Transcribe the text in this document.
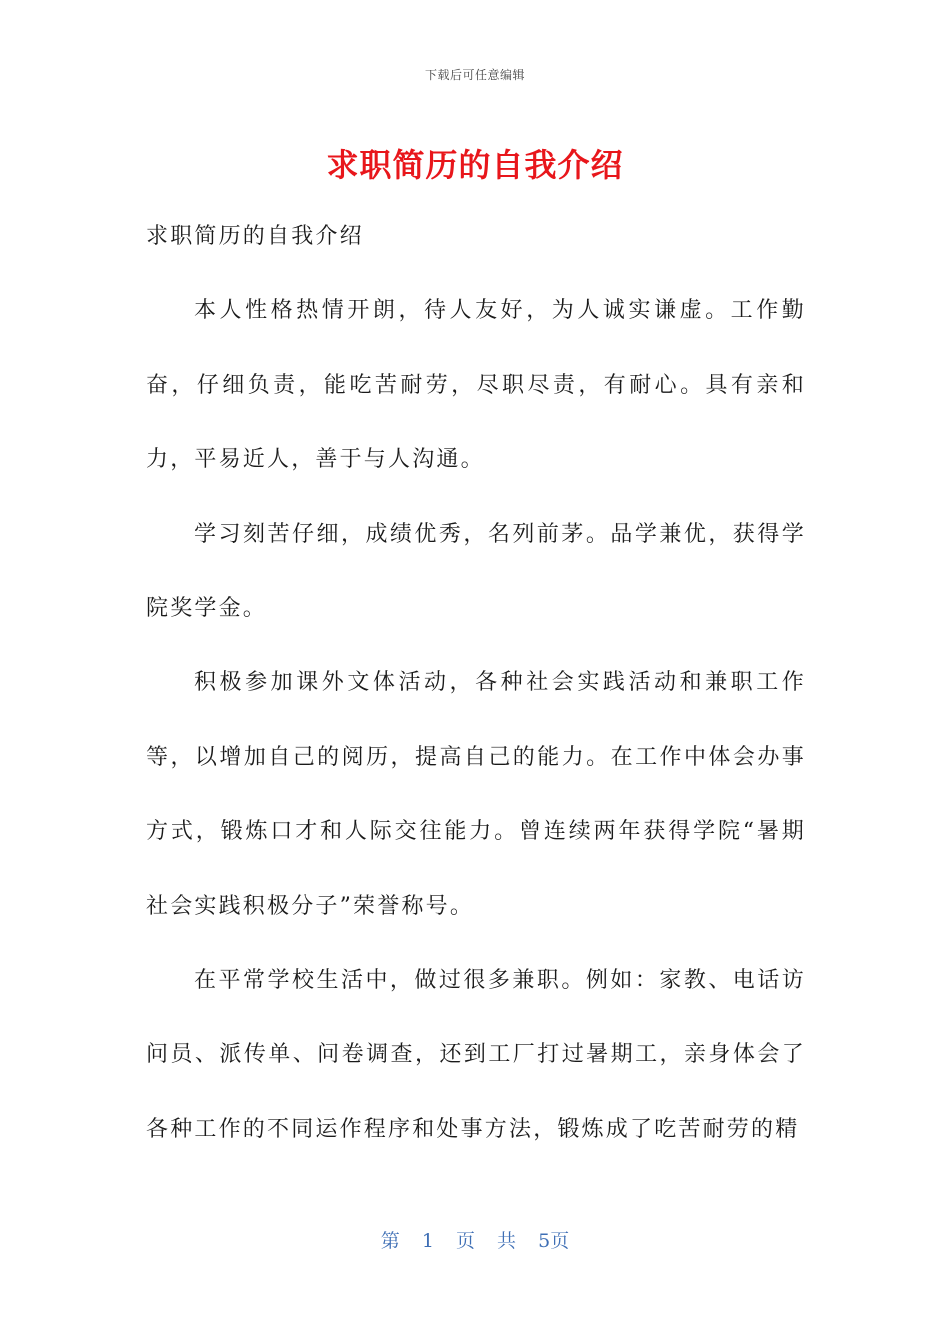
下载后可任意编辑
求职简历的自我介绍

求职简历的自我介绍

本人性格热情开朗，待人友好，为人诚实谦虚。工作勤奋，仔细负责，能吃苦耐劳，尽职尽责，有耐心。具有亲和力，平易近人，善于与人沟通。

学习刻苦仔细，成绩优秀，名列前茅。品学兼优，获得学院奖学金。

积极参加课外文体活动，各种社会实践活动和兼职工作等，以增加自己的阅历，提高自己的能力。在工作中体会办事方式，锻炼口才和人际交往能力。曾连续两年获得学院“暑期社会实践积极分子”荣誉称号。

在平常学校生活中，做过很多兼职。例如：家教、电话访问员、派传单、问卷调查，还到工厂打过暑期工，亲身体会了各种工作的不同运作程序和处事方法，锻炼成了吃苦耐劳的精

第 1 页 共 5页
